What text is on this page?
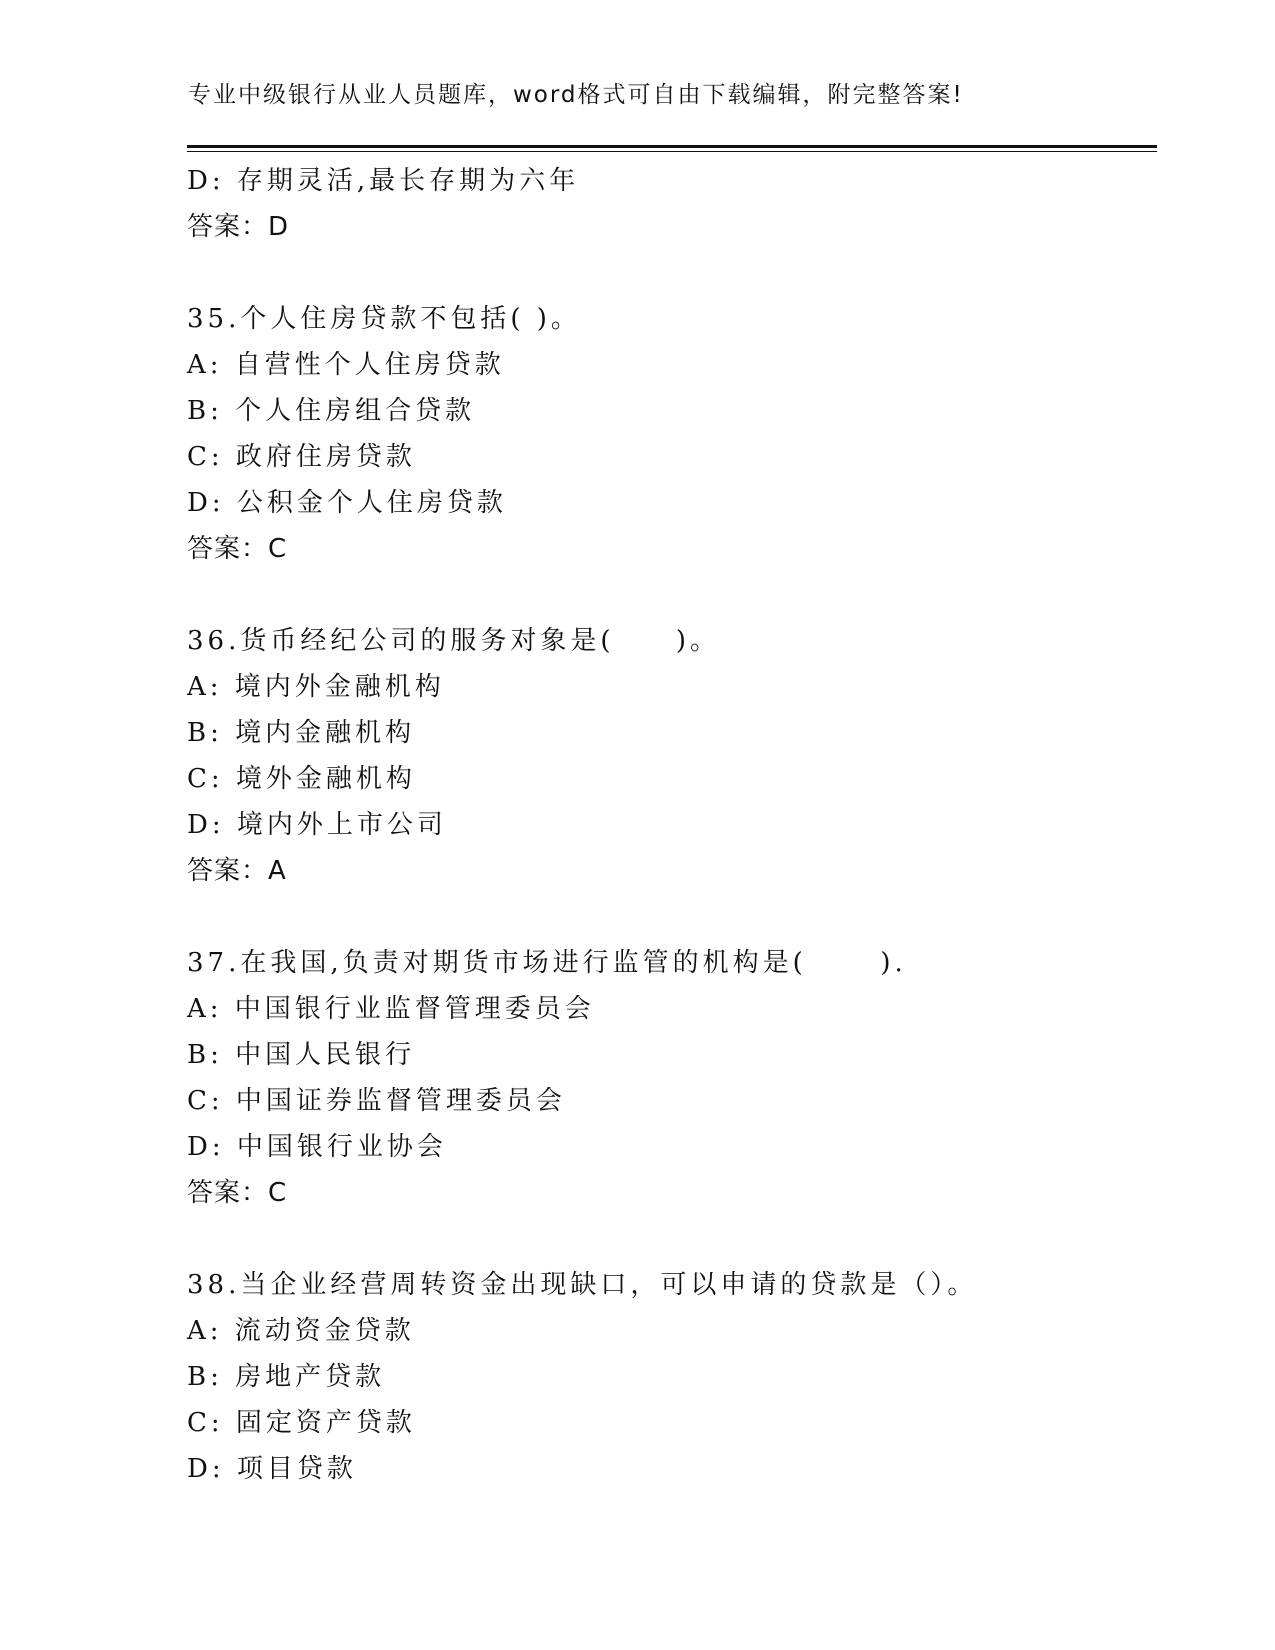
专业中级银行从业人员题库，word格式可自由下载编辑，附完整答案!
D: 存期灵活,最长存期为六年
答案：D
35.个人住房贷款不包括( )。
A: 自营性个人住房贷款
B: 个人住房组合贷款
C: 政府住房贷款
D: 公积金个人住房贷款
答案：C
36.货币经纪公司的服务对象是(     )。
A: 境内外金融机构
B: 境内金融机构
C: 境外金融机构
D: 境内外上市公司
答案：A
37.在我国,负责对期货市场进行监管的机构是(      ).
A: 中国银行业监督管理委员会
B: 中国人民银行
C: 中国证券监督管理委员会
D: 中国银行业协会
答案：C
38.当企业经营周转资金出现缺口，可以申请的贷款是（）。
A: 流动资金贷款
B: 房地产贷款
C: 固定资产贷款
D: 项目贷款
